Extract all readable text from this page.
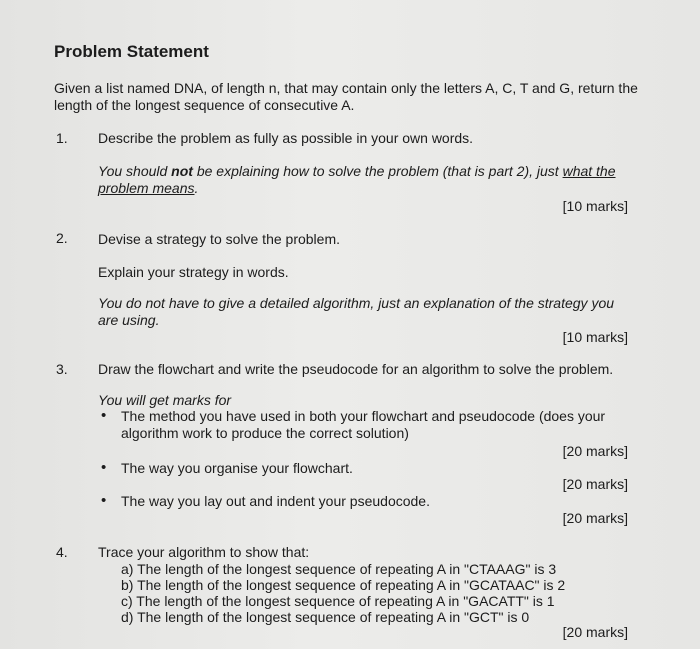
Problem Statement
Given a list named DNA, of length n, that may contain only the letters A, C, T and G, return the length of the longest sequence of consecutive A.
1. Describe the problem as fully as possible in your own words.
You should not be explaining how to solve the problem (that is part 2), just what the problem means.
[10 marks]
2. Devise a strategy to solve the problem.
Explain your strategy in words.
You do not have to give a detailed algorithm, just an explanation of the strategy you are using.
[10 marks]
3. Draw the flowchart and write the pseudocode for an algorithm to solve the problem.
You will get marks for
• The method you have used in both your flowchart and pseudocode (does your algorithm work to produce the correct solution)
[20 marks]
• The way you organise your flowchart.
[20 marks]
• The way you lay out and indent your pseudocode.
[20 marks]
4. Trace your algorithm to show that:
a) The length of the longest sequence of repeating A in "CTAAAG" is 3
b) The length of the longest sequence of repeating A in "GCATAAC" is 2
c) The length of the longest sequence of repeating A in "GACATT" is 1
d) The length of the longest sequence of repeating A in "GCT" is 0
[20 marks]
